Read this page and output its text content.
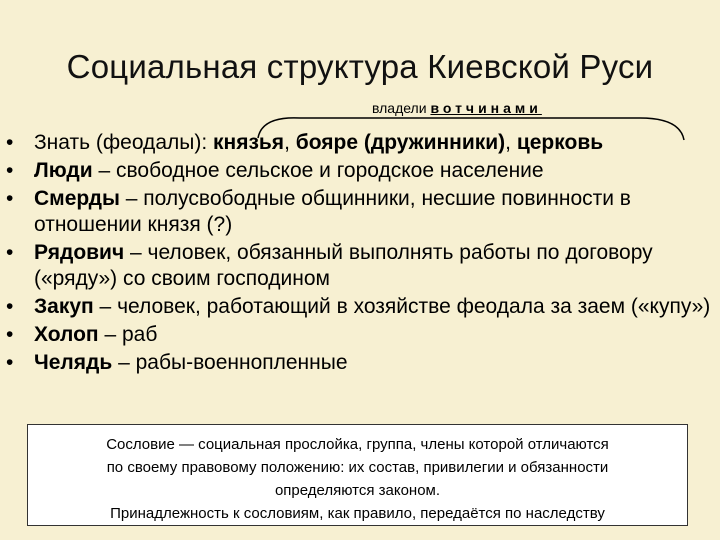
Социальная структура Киевской Руси
владели вотчинами
• Знать (феодалы): князья, бояре (дружинники), церковь
• Люди – свободное сельское и городское население
• Смерды – полусвободные общинники, несшие повинности в отношении князя (?)
• Рядович – человек, обязанный выполнять работы по договору («ряду») со своим господином
• Закуп – человек, работающий в хозяйстве феодала за заем («купу»)
• Холоп – раб
• Челядь – рабы-военнопленные
Сословие — социальная прослойка, группа, члены которой отличаются
по своему правовому положению: их состав, привилегии и обязанности
определяются законом.
Принадлежность к сословиям, как правило, передаётся по наследству
